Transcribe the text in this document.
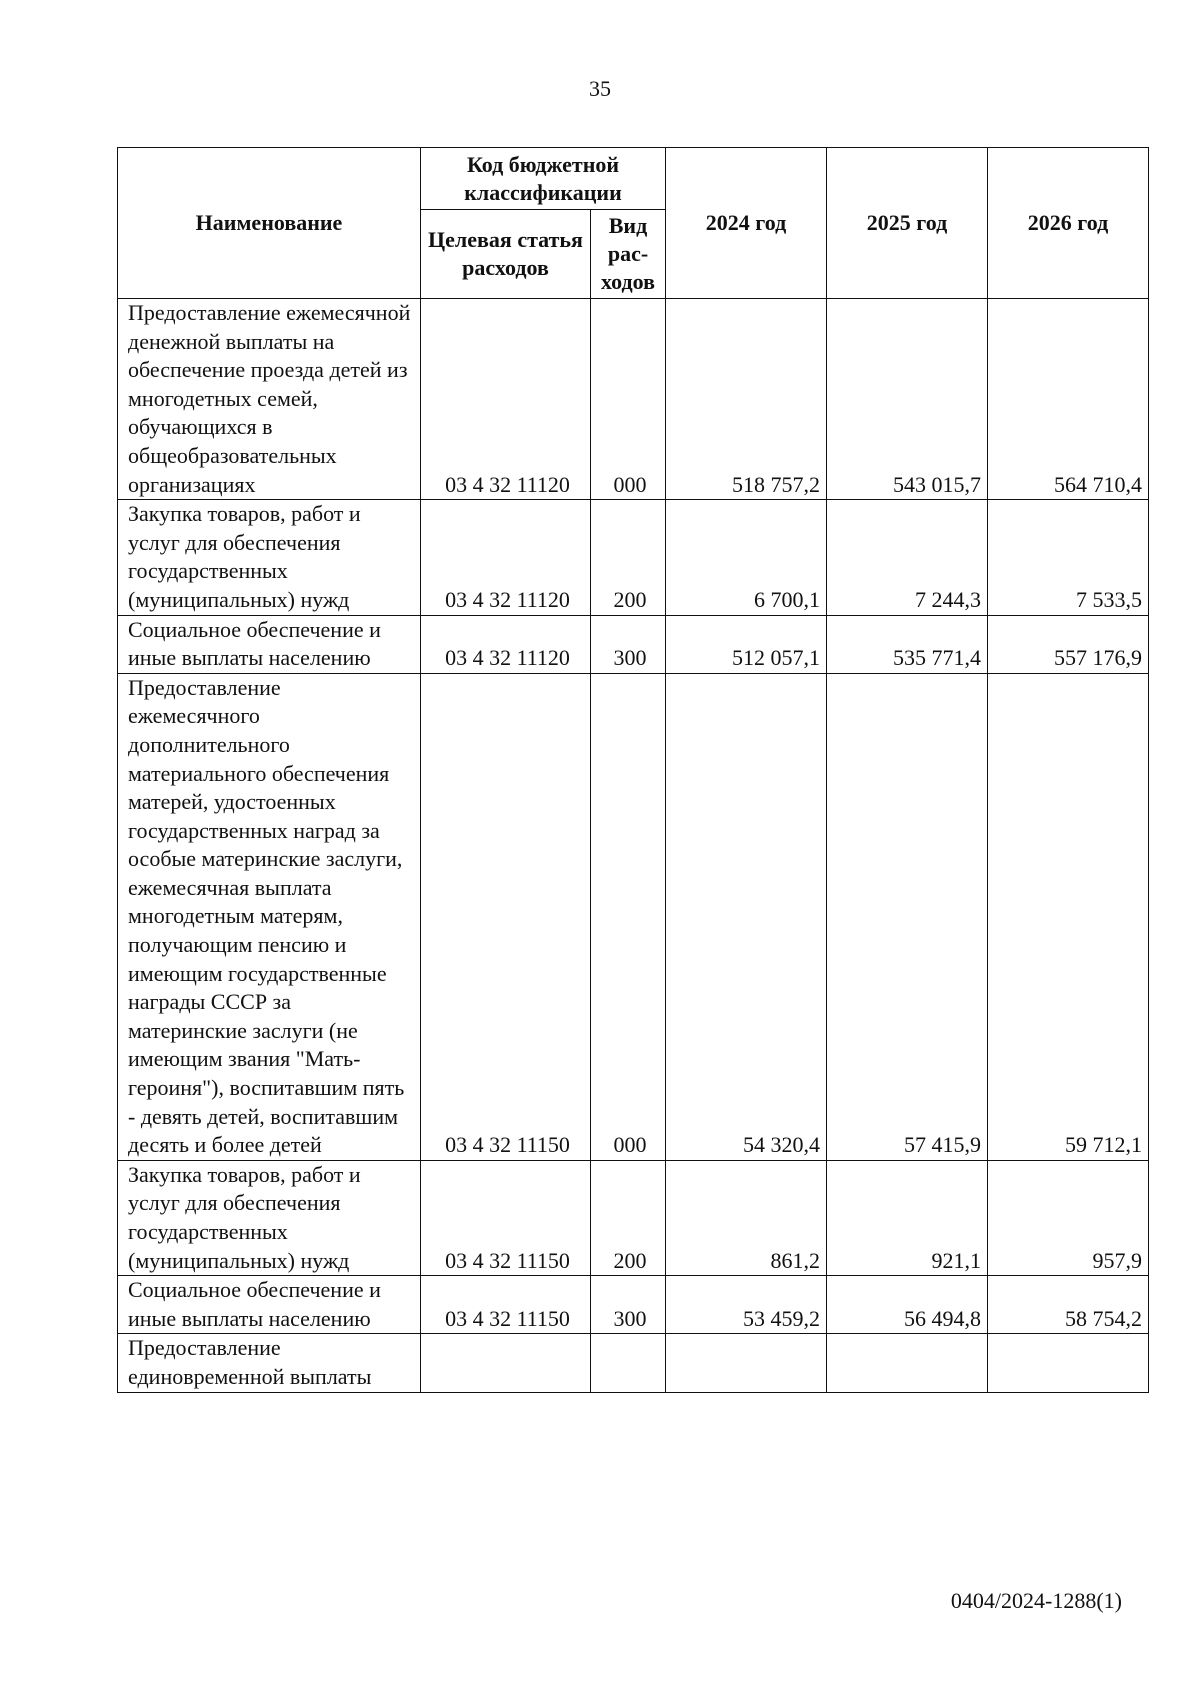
35
Наименование	Код бюджетной классификации		2024 год	2025 год	2026 год
	Целевая статья расходов	Вид рас-ходов			
Предоставление ежемесячной денежной выплаты на обеспечение проезда детей из многодетных семей, обучающихся в общеобразовательных организациях	03 4 32 11120	000	518 757,2	543 015,7	564 710,4
Закупка товаров, работ и услуг для обеспечения государственных (муниципальных) нужд	03 4 32 11120	200	6 700,1	7 244,3	7 533,5
Социальное обеспечение и иные выплаты населению	03 4 32 11120	300	512 057,1	535 771,4	557 176,9
Предоставление ежемесячного дополнительного материального обеспечения матерей, удостоенных государственных наград за особые материнские заслуги, ежемесячная выплата многодетным матерям, получающим пенсию и имеющим государственные награды СССР за материнские заслуги (не имеющим звания "Мать-героиня"), воспитавшим пять - девять детей, воспитавшим десять и более детей	03 4 32 11150	000	54 320,4	57 415,9	59 712,1
Закупка товаров, работ и услуг для обеспечения государственных (муниципальных) нужд	03 4 32 11150	200	861,2	921,1	957,9
Социальное обеспечение и иные выплаты населению	03 4 32 11150	300	53 459,2	56 494,8	58 754,2
Предоставление единовременной выплаты					
0404/2024-1288(1)
